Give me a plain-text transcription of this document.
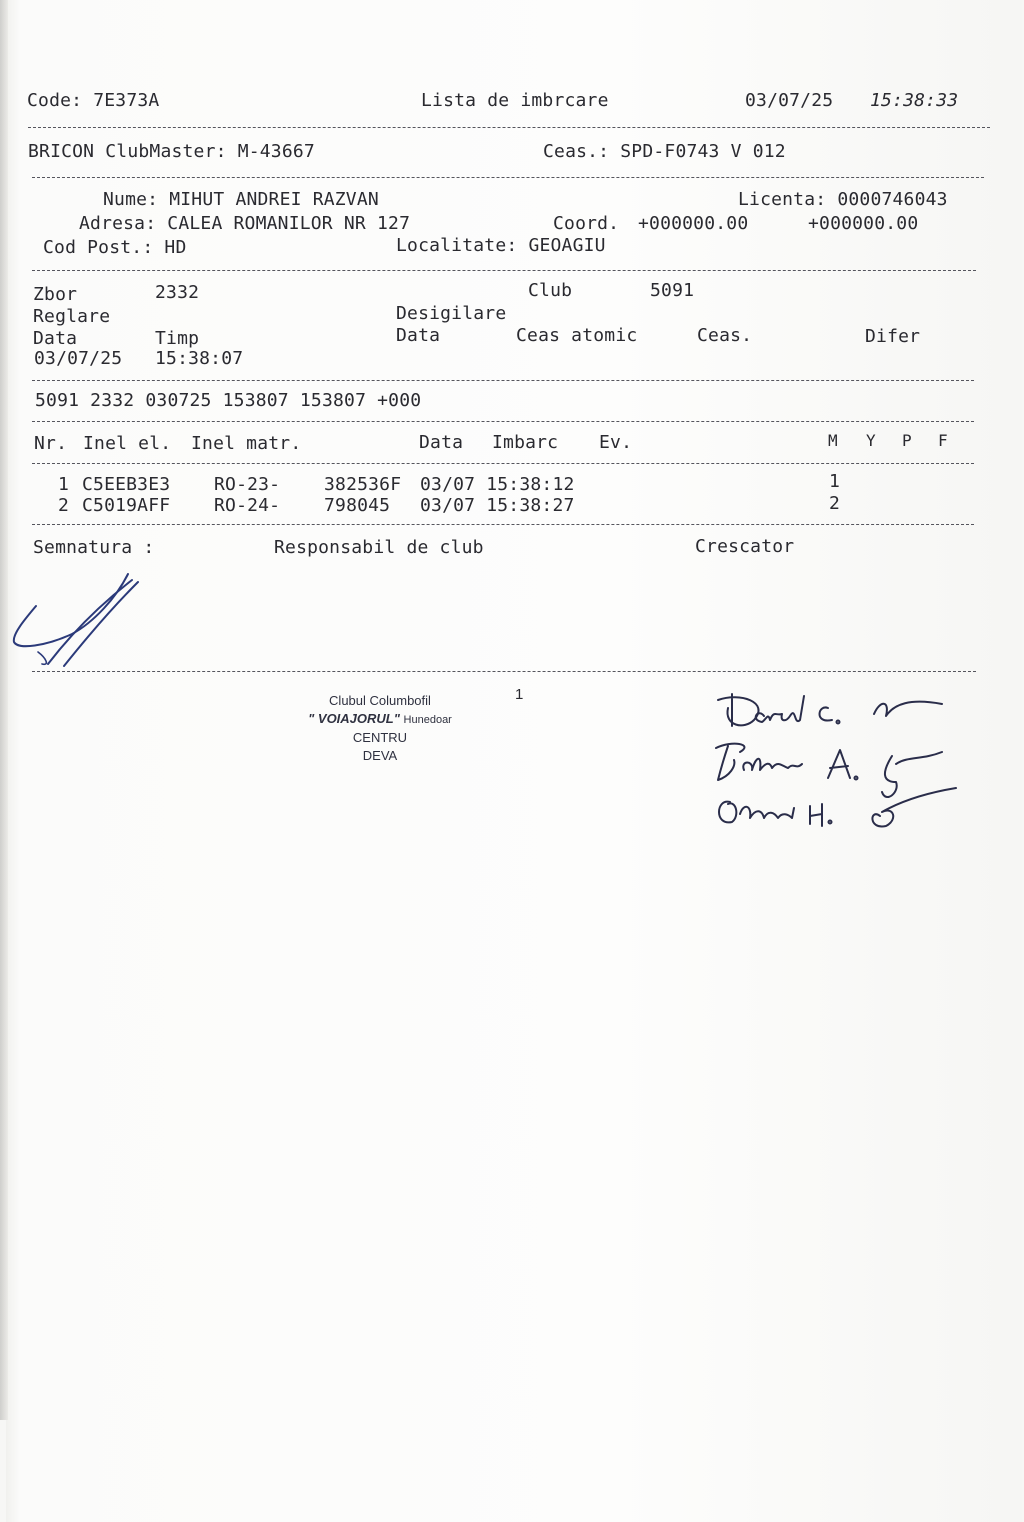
Code: 7E373A	Lista de imbrcare	03/07/25 15:38:33
BRICON ClubMaster: M-43667	Ceas.: SPD-F0743 V 012
Nume: MIHUT ANDREI RAZVAN	Licenta: 0000746043
Adresa: CALEA ROMANILOR NR 127	Coord. +000000.00	+000000.00
Cod Post.: HD	Localitate: GEOAGIU
Zbor	2332	Club	5091
Reglare	Desigilare
Data	Timp	Data	Ceas atomic	Ceas.	Difer
03/07/25 15:38:07
5091 2332 030725 153807 153807 +000
Nr. Inel el. Inel matr.	Data Imbarc Ev.	M Y P F
1 C5EEB3E3 RO-23- 382536F 03/07 15:38:12	1
2 C5019AFF RO-24- 798045 03/07 15:38:27	2
Semnatura :	Responsabil de club	Crescator
1
Clubul Columbofil
" VOIAJORUL" Hunedoar
CENTRU
DEVA
